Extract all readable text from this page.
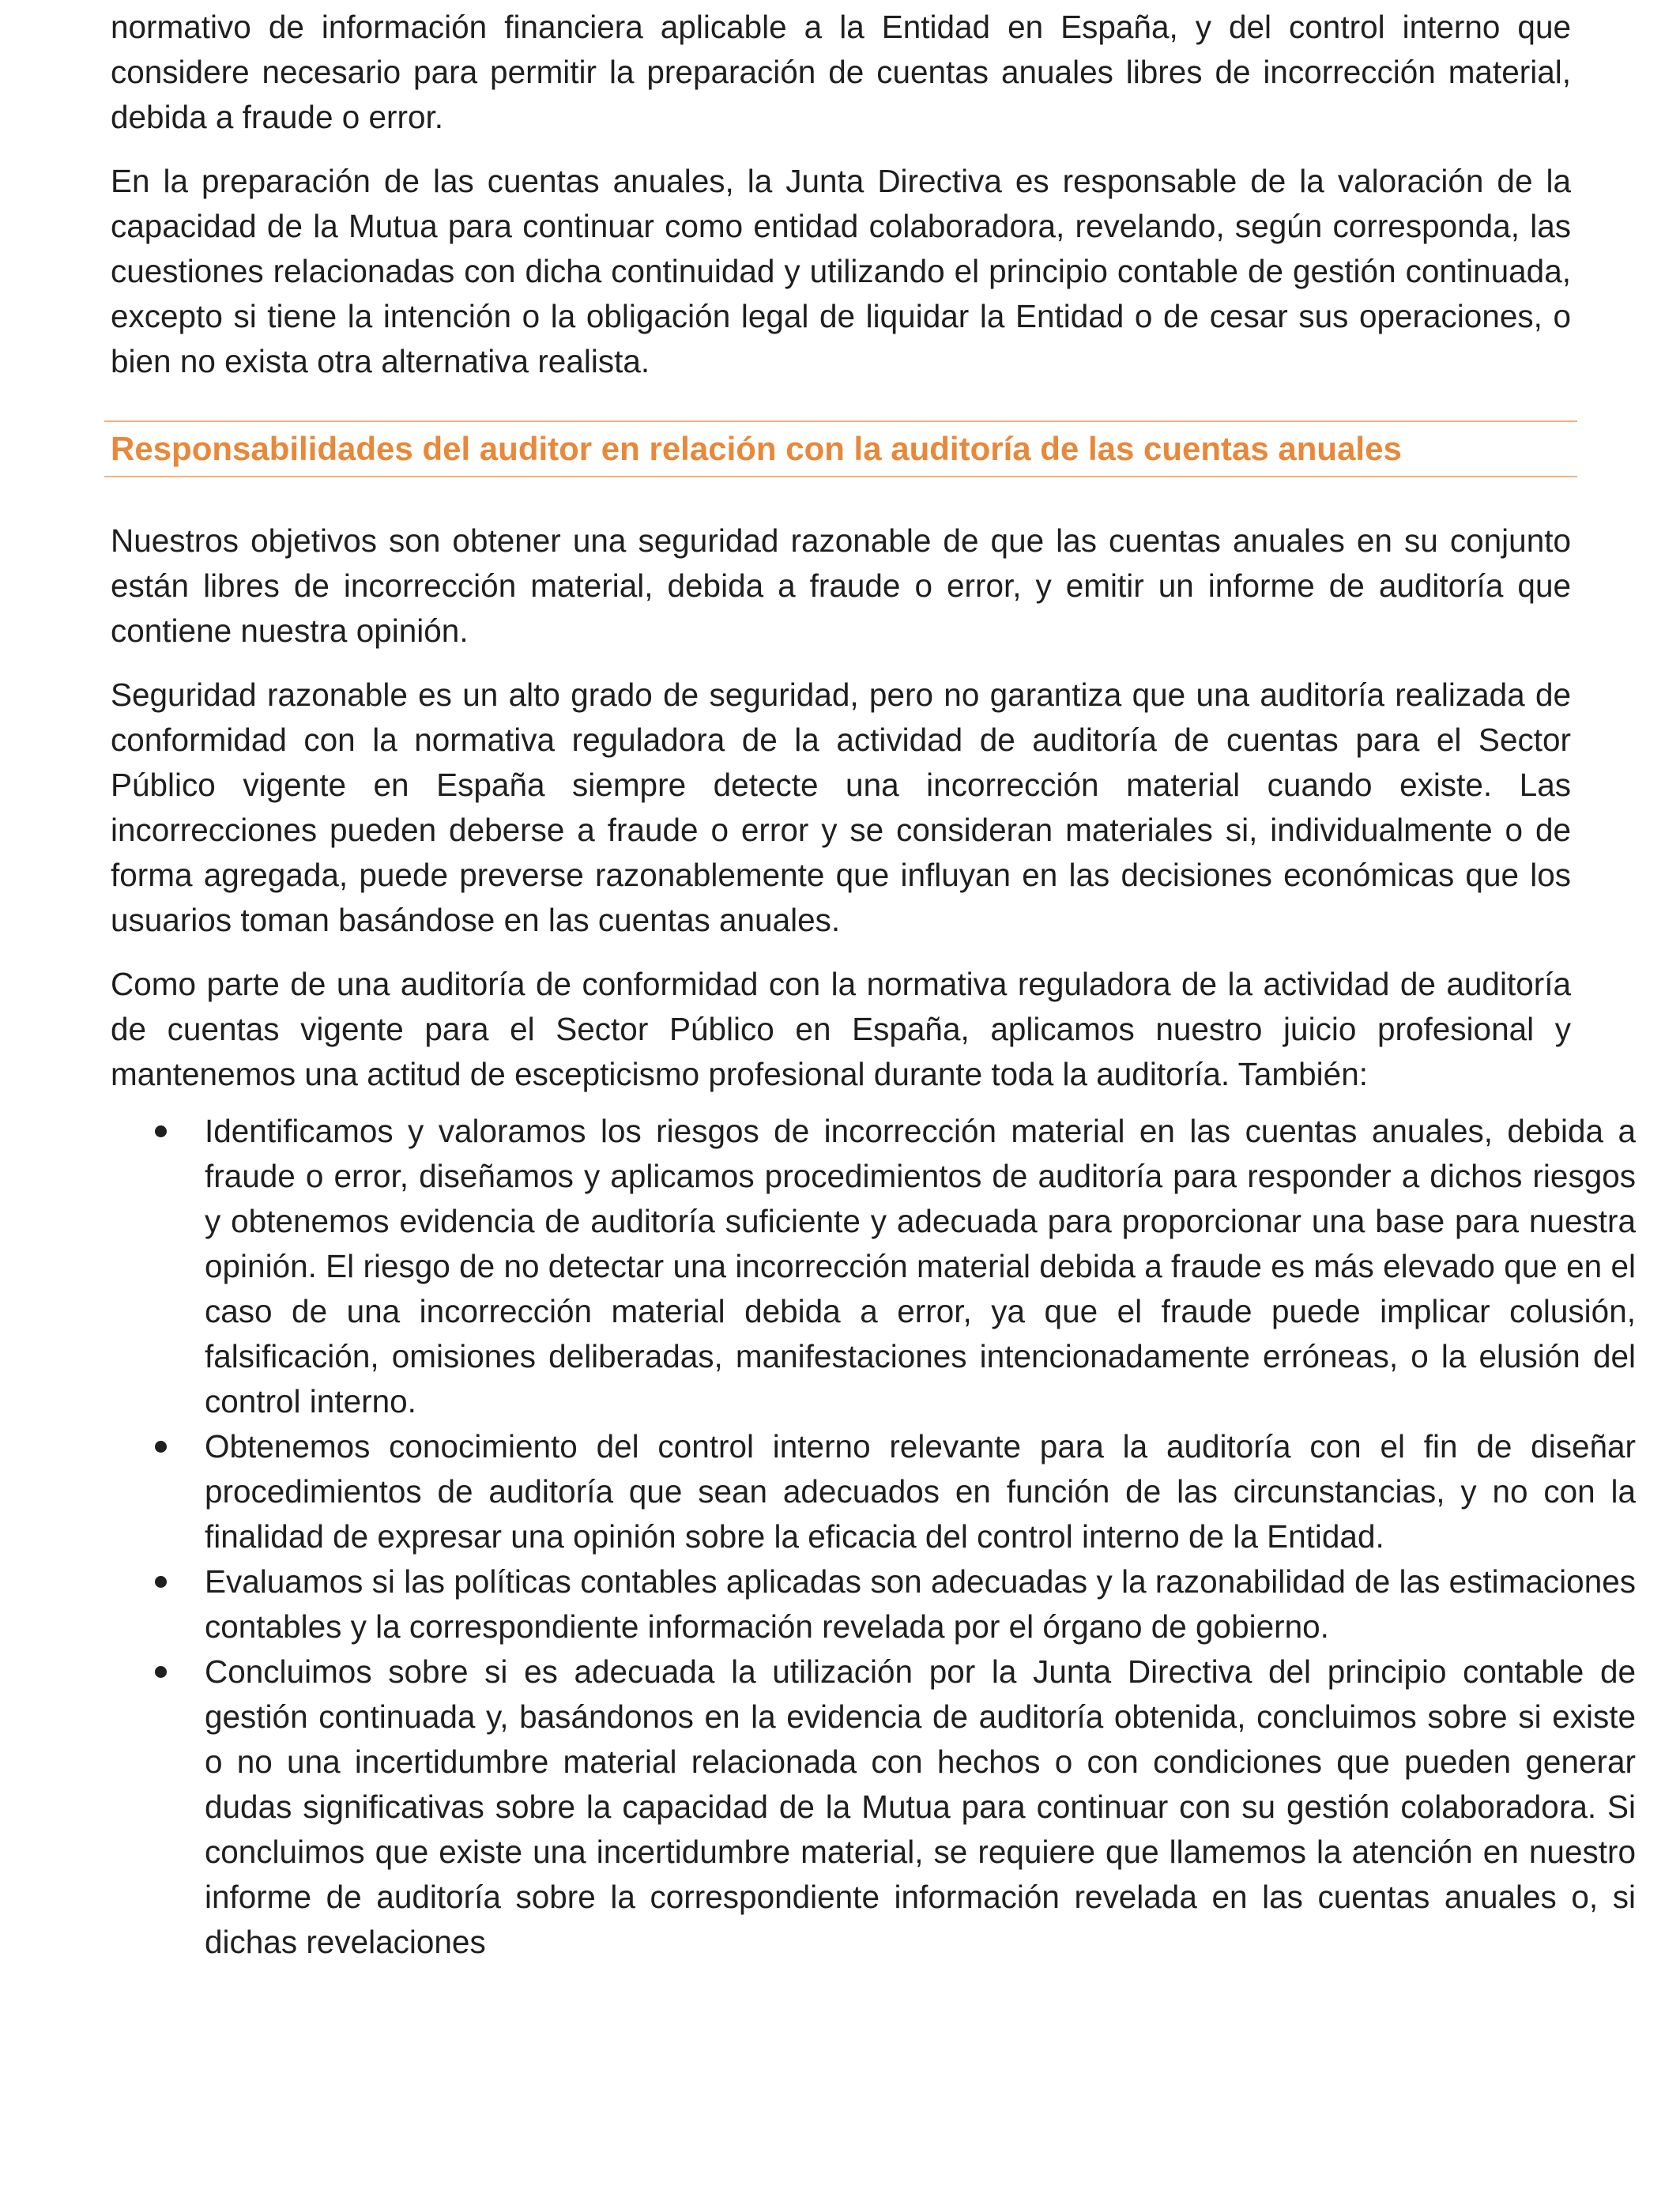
normativo de información financiera aplicable a la Entidad en España, y del control interno que considere necesario para permitir la preparación de cuentas anuales libres de incorrección material, debida a fraude o error.

En la preparación de las cuentas anuales, la Junta Directiva es responsable de la valoración de la capacidad de la Mutua para continuar como entidad colaboradora, revelando, según corresponda, las cuestiones relacionadas con dicha continuidad y utilizando el principio contable de gestión continuada, excepto si tiene la intención o la obligación legal de liquidar la Entidad o de cesar sus operaciones, o bien no exista otra alternativa realista.

Responsabilidades del auditor en relación con la auditoría de las cuentas anuales

Nuestros objetivos son obtener una seguridad razonable de que las cuentas anuales en su conjunto están libres de incorrección material, debida a fraude o error, y emitir un informe de auditoría que contiene nuestra opinión.

Seguridad razonable es un alto grado de seguridad, pero no garantiza que una auditoría realizada de conformidad con la normativa reguladora de la actividad de auditoría de cuentas para el Sector Público vigente en España siempre detecte una incorrección material cuando existe. Las incorrecciones pueden deberse a fraude o error y se consideran materiales si, individualmente o de forma agregada, puede preverse razonablemente que influyan en las decisiones económicas que los usuarios toman basándose en las cuentas anuales.

Como parte de una auditoría de conformidad con la normativa reguladora de la actividad de auditoría de cuentas vigente para el Sector Público en España, aplicamos nuestro juicio profesional y mantenemos una actitud de escepticismo profesional durante toda la auditoría. También:

Identificamos y valoramos los riesgos de incorrección material en las cuentas anuales, debida a fraude o error, diseñamos y aplicamos procedimientos de auditoría para responder a dichos riesgos y obtenemos evidencia de auditoría suficiente y adecuada para proporcionar una base para nuestra opinión. El riesgo de no detectar una incorrección material debida a fraude es más elevado que en el caso de una incorrección material debida a error, ya que el fraude puede implicar colusión, falsificación, omisiones deliberadas, manifestaciones intencionadamente erróneas, o la elusión del control interno.
Obtenemos conocimiento del control interno relevante para la auditoría con el fin de diseñar procedimientos de auditoría que sean adecuados en función de las circunstancias, y no con la finalidad de expresar una opinión sobre la eficacia del control interno de la Entidad.
Evaluamos si las políticas contables aplicadas son adecuadas y la razonabilidad de las estimaciones contables y la correspondiente información revelada por el órgano de gobierno.
Concluimos sobre si es adecuada la utilización por la Junta Directiva del principio contable de gestión continuada y, basándonos en la evidencia de auditoría obtenida, concluimos sobre si existe o no una incertidumbre material relacionada con hechos o con condiciones que pueden generar dudas significativas sobre la capacidad de la Mutua para continuar con su gestión colaboradora. Si concluimos que existe una incertidumbre material, se requiere que llamemos la atención en nuestro informe de auditoría sobre la correspondiente información revelada en las cuentas anuales o, si dichas revelaciones
